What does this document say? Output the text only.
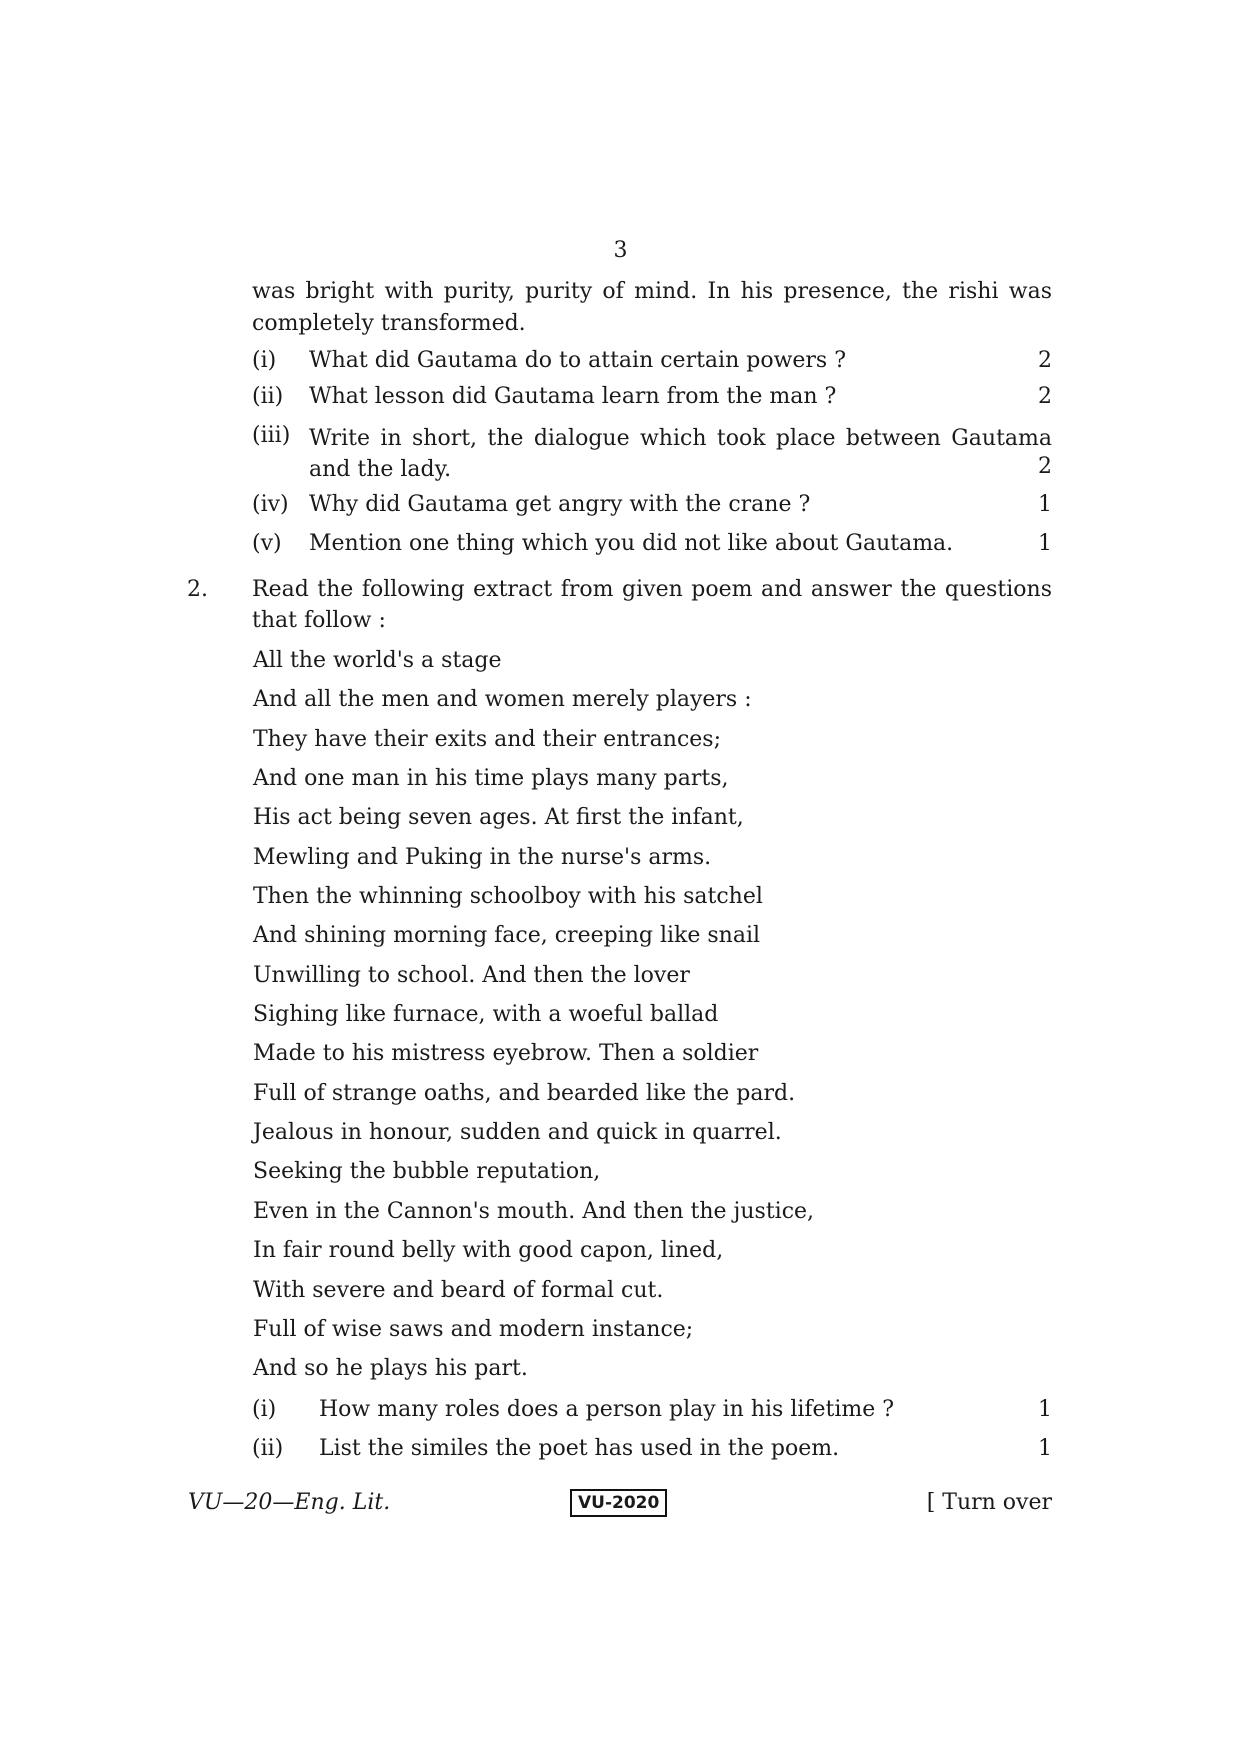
3
was bright with purity, purity of mind. In his presence, the rishi was completely transformed.
(i) What did Gautama do to attain certain powers ?	2
(ii) What lesson did Gautama learn from the man ?	2
(iii) Write in short, the dialogue which took place between Gautama and the lady.	2
(iv) Why did Gautama get angry with the crane ?	1
(v) Mention one thing which you did not like about Gautama.	1
2. Read the following extract from given poem and answer the questions that follow :
All the world's a stage
And all the men and women merely players :
They have their exits and their entrances;
And one man in his time plays many parts,
His act being seven ages. At first the infant,
Mewling and Puking in the nurse's arms.
Then the whinning schoolboy with his satchel
And shining morning face, creeping like snail
Unwilling to school. And then the lover
Sighing like furnace, with a woeful ballad
Made to his mistress eyebrow. Then a soldier
Full of strange oaths, and bearded like the pard.
Jealous in honour, sudden and quick in quarrel.
Seeking the bubble reputation,
Even in the Cannon's mouth. And then the justice,
In fair round belly with good capon, lined,
With severe and beard of formal cut.
Full of wise saws and modern instance;
And so he plays his part.
(i) How many roles does a person play in his lifetime ?	1
(ii) List the similes the poet has used in the poem.	1
VU—20—Eng. Lit.	VU-2020	[ Turn over
